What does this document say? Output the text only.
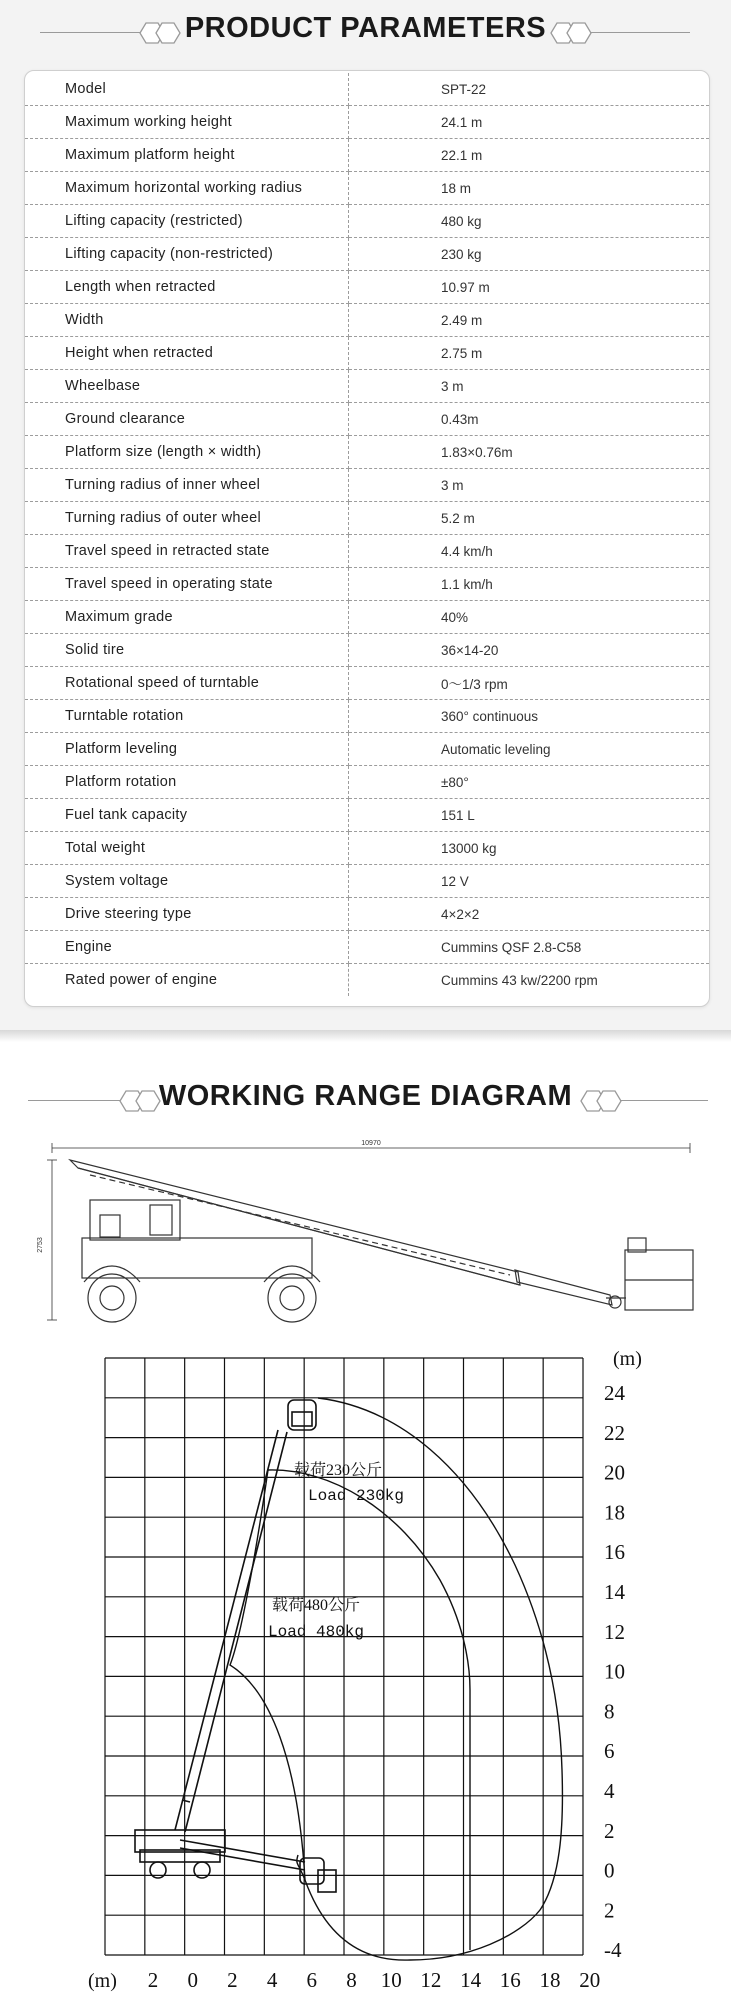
PRODUCT PARAMETERS
Model	SPT-22
Maximum working height	24.1 m
Maximum platform height	22.1 m
Maximum horizontal working radius	18 m
Lifting capacity (restricted)	480 kg
Lifting capacity (non-restricted)	230 kg
Length when retracted	10.97 m
Width	2.49 m
Height when retracted	2.75 m
Wheelbase	3 m
Ground clearance	0.43m
Platform size (length × width)	1.83×0.76m
Turning radius of inner wheel	3 m
Turning radius of outer wheel	5.2 m
Travel speed in retracted state	4.4 km/h
Travel speed in operating state	1.1 km/h
Maximum grade	40%
Solid tire	36×14-20
Rotational speed of turntable	0〜1/3 rpm
Turntable rotation	360° continuous
Platform leveling	Automatic leveling
Platform rotation	±80°
Fuel tank capacity	151 L
Total weight	13000 kg
System voltage	12 V
Drive steering type	4×2×2
Engine	Cummins QSF 2.8-C58
Rated power of engine	Cummins 43 kw/2200 rpm
WORKING RANGE DIAGRAM
10970
2753
载荷230公斤
Load 230kg
载荷480公斤
Load 480kg
(m)
(m)
24
22
20
18
16
14
12
10
8
6
4
2
0
2
-4
2 0 2 4 6 8 10 12 14 16 18 20
